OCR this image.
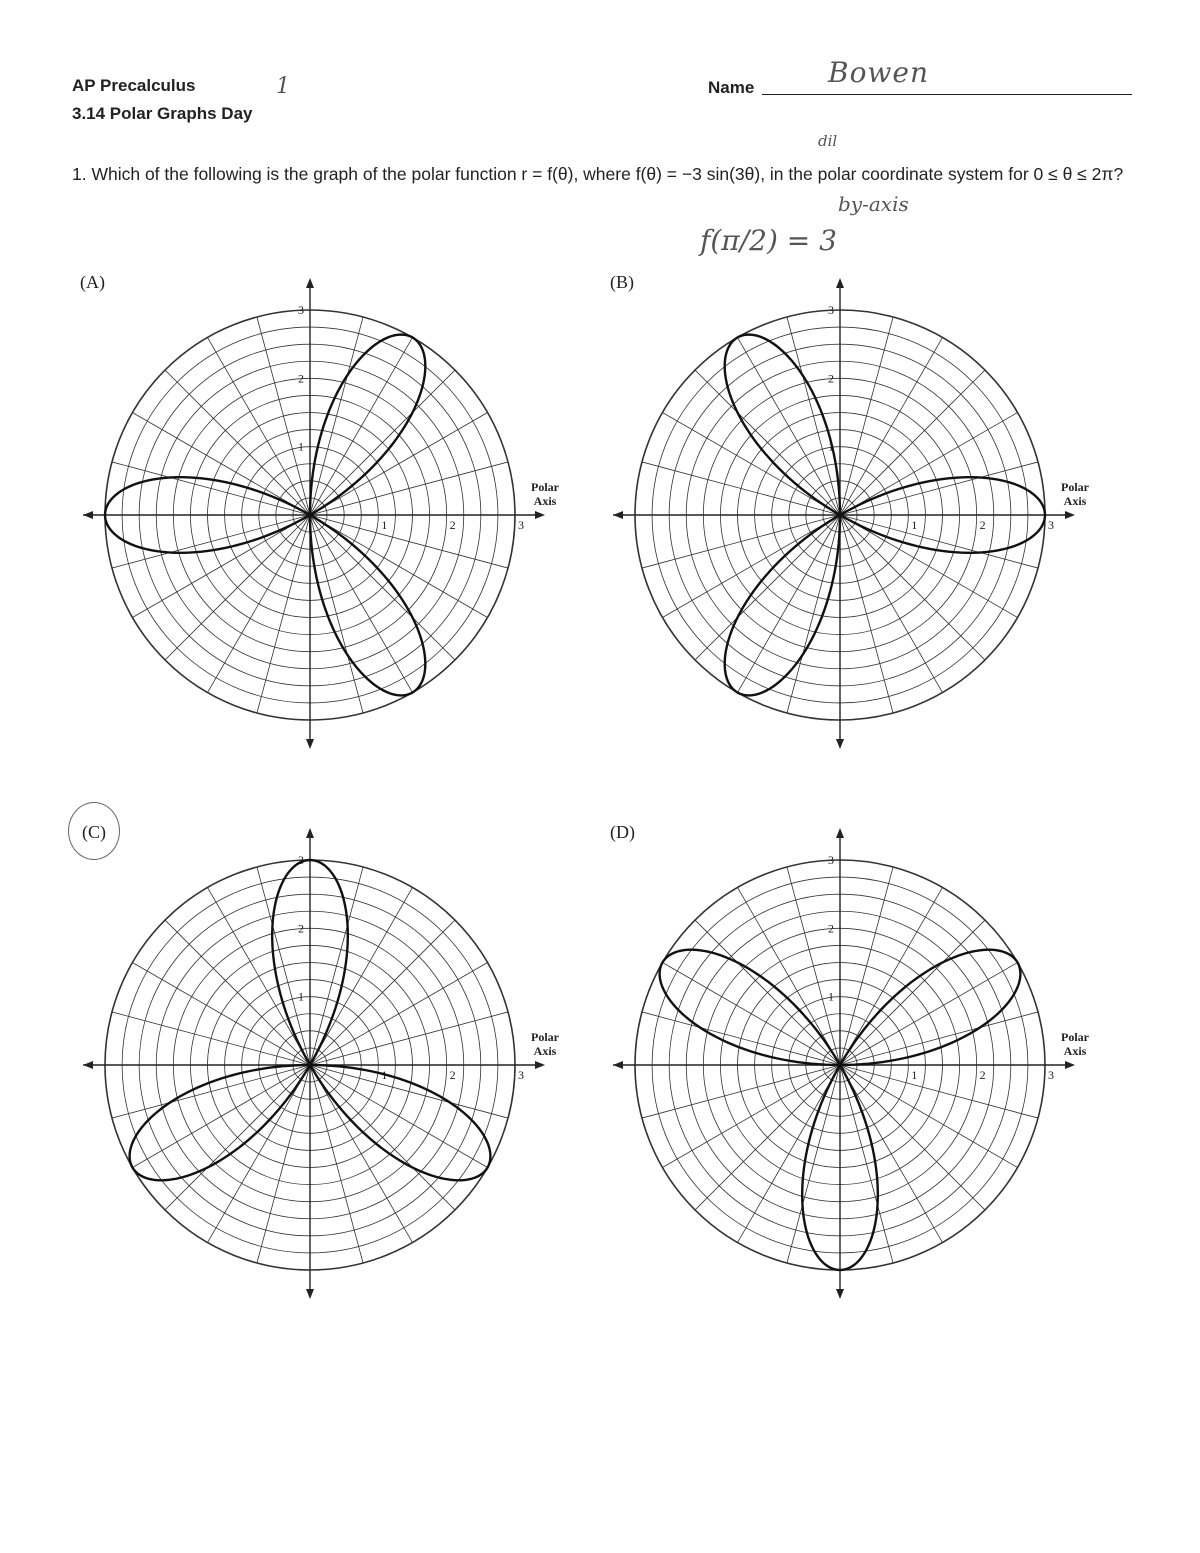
AP Precalculus
3.14 Polar Graphs Day
1	Name	Bowen
dil
1. Which of the following is the graph of the polar function r = f(θ), where f(θ) = −3 sin(3θ), in the polar coordinate system for 0 ≤ θ ≤ 2π?
by-axis
f(π/2) = 3
(A)	(B)
(C)	(D)
1
1
2
2
3
3
Polar Axis
1
1
2
2
3
3
Polar Axis
1
1
2
2
3
3
Polar Axis
1
1
2
2
3
3
Polar Axis
